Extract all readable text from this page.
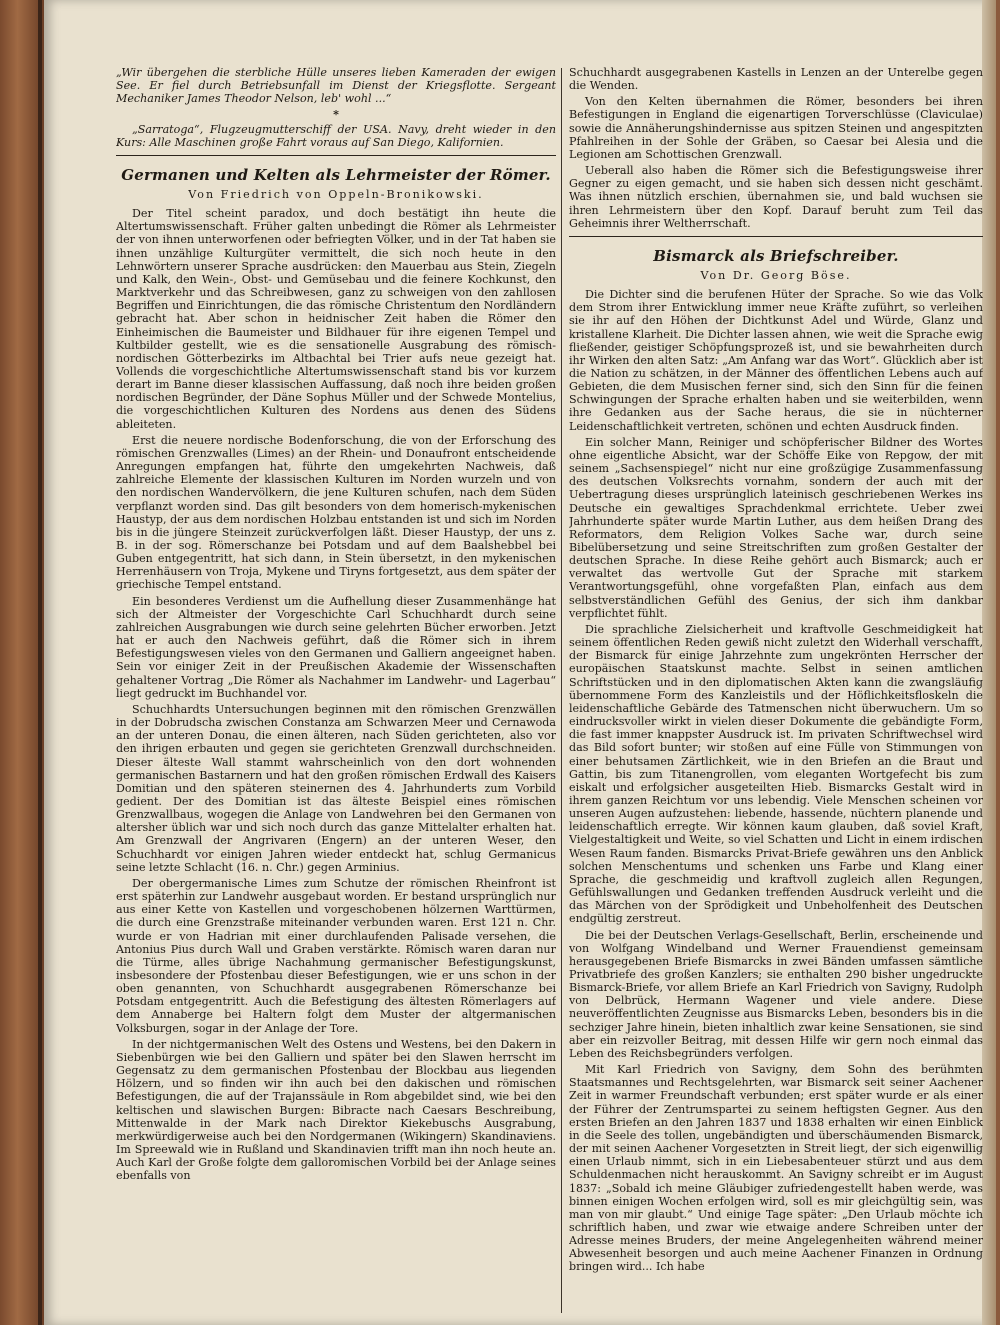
„Wir übergehen die sterbliche Hülle unseres lieben Kameraden der ewigen See. Er fiel durch Betriebsunfall im Dienst der Kriegsflotte. Sergeant Mechaniker James Theodor Nelson, leb' wohl ...“

*

„Sarratoga“, Flugzeugmutterschiff der USA. Navy, dreht wieder in den Kurs: Alle Maschinen große Fahrt voraus auf San Diego, Kalifornien.

Germanen und Kelten als Lehrmeister der Römer.

Von Friedrich von Oppeln-Bronikowski.

Der Titel scheint paradox, und doch bestätigt ihn heute die Altertumswissenschaft. Früher galten unbedingt die Römer als Lehrmeister der von ihnen unterworfenen oder befriegten Völker, und in der Tat haben sie ihnen unzählige Kulturgüter vermittelt, die sich noch heute in den Lehnwörtern unserer Sprache ausdrücken: den Mauerbau aus Stein, Ziegeln und Kalk, den Wein-, Obst- und Gemüsebau und die feinere Kochkunst, den Marktverkehr und das Schreibwesen, ganz zu schweigen von den zahllosen Begriffen und Einrichtungen, die das römische Christentum den Nordländern gebracht hat. Aber schon in heidnischer Zeit haben die Römer den Einheimischen die Baumeister und Bildhauer für ihre eigenen Tempel und Kultbilder gestellt, wie es die sensationelle Ausgrabung des römisch-nordischen Götterbezirks im Altbachtal bei Trier aufs neue gezeigt hat. Vollends die vorgeschichtliche Altertumswissenschaft stand bis vor kurzem derart im Banne dieser klassischen Auffassung, daß noch ihre beiden großen nordischen Begründer, der Däne Sophus Müller und der Schwede Montelius, die vorgeschichtlichen Kulturen des Nordens aus denen des Südens ableiteten.

Erst die neuere nordische Bodenforschung, die von der Erforschung des römischen Grenzwalles (Limes) an der Rhein- und Donaufront entscheidende Anregungen empfangen hat, führte den umgekehrten Nachweis, daß zahlreiche Elemente der klassischen Kulturen im Norden wurzeln und von den nordischen Wandervölkern, die jene Kulturen schufen, nach dem Süden verpflanzt worden sind. Das gilt besonders von dem homerisch-mykenischen Haustyp, der aus dem nordischen Holzbau entstanden ist und sich im Norden bis in die jüngere Steinzeit zurückverfolgen läßt. Dieser Haustyp, der uns z. B. in der sog. Römerschanze bei Potsdam und auf dem Baalshebbel bei Guben entgegentritt, hat sich dann, in Stein übersetzt, in den mykenischen Herrenhäusern von Troja, Mykene und Tiryns fortgesetzt, aus dem später der griechische Tempel entstand.

Ein besonderes Verdienst um die Aufhellung dieser Zusammenhänge hat sich der Altmeister der Vorgeschichte Carl Schuchhardt durch seine zahlreichen Ausgrabungen wie durch seine gelehrten Bücher erworben. Jetzt hat er auch den Nachweis geführt, daß die Römer sich in ihrem Befestigungswesen vieles von den Germanen und Galliern angeeignet haben. Sein vor einiger Zeit in der Preußischen Akademie der Wissenschaften gehaltener Vortrag „Die Römer als Nachahmer im Landwehr- und Lagerbau“ liegt gedruckt im Buchhandel vor.

Schuchhardts Untersuchungen beginnen mit den römischen Grenzwällen in der Dobrudscha zwischen Constanza am Schwarzen Meer und Cernawoda an der unteren Donau, die einen älteren, nach Süden gerichteten, also vor den ihrigen erbauten und gegen sie gerichteten Grenzwall durchschneiden. Dieser älteste Wall stammt wahrscheinlich von den dort wohnenden germanischen Bastarnern und hat den großen römischen Erdwall des Kaisers Domitian und den späteren steinernen des 4. Jahrhunderts zum Vorbild gedient. Der des Domitian ist das älteste Beispiel eines römischen Grenzwallbaus, wogegen die Anlage von Landwehren bei den Germanen von altersher üblich war und sich noch durch das ganze Mittelalter erhalten hat. Am Grenzwall der Angrivaren (Engern) an der unteren Weser, den Schuchhardt vor einigen Jahren wieder entdeckt hat, schlug Germanicus seine letzte Schlacht (16. n. Chr.) gegen Arminius.

Der obergermanische Limes zum Schutze der römischen Rheinfront ist erst späterhin zur Landwehr ausgebaut worden. Er bestand ursprünglich nur aus einer Kette von Kastellen und vorgeschobenen hölzernen Warttürmen, die durch eine Grenzstraße miteinander verbunden waren. Erst 121 n. Chr. wurde er von Hadrian mit einer durchlaufenden Palisade versehen, die Antonius Pius durch Wall und Graben verstärkte. Römisch waren daran nur die Türme, alles übrige Nachahmung germanischer Befestigungskunst, insbesondere der Pfostenbau dieser Befestigungen, wie er uns schon in der oben genannten, von Schuchhardt ausgegrabenen Römerschanze bei Potsdam entgegentritt. Auch die Befestigung des ältesten Römerlagers auf dem Annaberge bei Haltern folgt dem Muster der altgermanischen Volksburgen, sogar in der Anlage der Tore.

In der nichtgermanischen Welt des Ostens und Westens, bei den Dakern in Siebenbürgen wie bei den Galliern und später bei den Slawen herrscht im Gegensatz zu dem germanischen Pfostenbau der Blockbau aus liegenden Hölzern, und so finden wir ihn auch bei den dakischen und römischen Befestigungen, die auf der Trajanssäule in Rom abgebildet sind, wie bei den keltischen und slawischen Burgen: Bibracte nach Caesars Beschreibung, Mittenwalde in der Mark nach Direktor Kiekebuschs Ausgrabung, merkwürdigerweise auch bei den Nordgermanen (Wikingern) Skandinaviens. Im Spreewald wie in Rußland und Skandinavien trifft man ihn noch heute an. Auch Karl der Große folgte dem galloromischen Vorbild bei der Anlage seines ebenfalls von

Schuchhardt ausgegrabenen Kastells in Lenzen an der Unterelbe gegen die Wenden.

Von den Kelten übernahmen die Römer, besonders bei ihren Befestigungen in England die eigenartigen Torverschlüsse (Claviculae) sowie die Annäherungshindernisse aus spitzen Steinen und angespitzten Pfahlreihen in der Sohle der Gräben, so Caesar bei Alesia und die Legionen am Schottischen Grenzwall.

Ueberall also haben die Römer sich die Befestigungsweise ihrer Gegner zu eigen gemacht, und sie haben sich dessen nicht geschämt. Was ihnen nützlich erschien, übernahmen sie, und bald wuchsen sie ihren Lehrmeistern über den Kopf. Darauf beruht zum Teil das Geheimnis ihrer Weltherrschaft.

Bismarck als Briefschreiber.

Von Dr. Georg Böse.

Die Dichter sind die berufenen Hüter der Sprache. So wie das Volk dem Strom ihrer Entwicklung immer neue Kräfte zuführt, so verleihen sie ihr auf den Höhen der Dichtkunst Adel und Würde, Glanz und kristallene Klarheit. Die Dichter lassen ahnen, wie weit die Sprache ewig fließender, geistiger Schöpfungsprozeß ist, und sie bewahrheiten durch ihr Wirken den alten Satz: „Am Anfang war das Wort“. Glücklich aber ist die Nation zu schätzen, in der Männer des öffentlichen Lebens auch auf Gebieten, die dem Musischen ferner sind, sich den Sinn für die feinen Schwingungen der Sprache erhalten haben und sie weiterbilden, wenn ihre Gedanken aus der Sache heraus, die sie in nüchterner Leidenschaftlichkeit vertreten, schönen und echten Ausdruck finden.

Ein solcher Mann, Reiniger und schöpferischer Bildner des Wortes ohne eigentliche Absicht, war der Schöffe Eike von Repgow, der mit seinem „Sachsenspiegel“ nicht nur eine großzügige Zusammenfassung des deutschen Volksrechts vornahm, sondern der auch mit der Uebertragung dieses ursprünglich lateinisch geschriebenen Werkes ins Deutsche ein gewaltiges Sprachdenkmal errichtete. Ueber zwei Jahrhunderte später wurde Martin Luther, aus dem heißen Drang des Reformators, dem Religion Volkes Sache war, durch seine Bibelübersetzung und seine Streitschriften zum großen Gestalter der deutschen Sprache. In diese Reihe gehört auch Bismarck; auch er verwaltet das wertvolle Gut der Sprache mit starkem Verantwortungsgefühl, ohne vorgefaßten Plan, einfach aus dem selbstverständlichen Gefühl des Genius, der sich ihm dankbar verpflichtet fühlt.

Die sprachliche Zielsicherheit und kraftvolle Geschmeidigkeit hat seinem öffentlichen Reden gewiß nicht zuletzt den Widerhall verschafft, der Bismarck für einige Jahrzehnte zum ungekrönten Herrscher der europäischen Staatskunst machte. Selbst in seinen amtlichen Schriftstücken und in den diplomatischen Akten kann die zwangsläufig übernommene Form des Kanzleistils und der Höflichkeitsfloskeln die leidenschaftliche Gebärde des Tatmenschen nicht überwuchern. Um so eindrucksvoller wirkt in vielen dieser Dokumente die gebändigte Form, die fast immer knappster Ausdruck ist. Im privaten Schriftwechsel wird das Bild sofort bunter; wir stoßen auf eine Fülle von Stimmungen von einer behutsamen Zärtlichkeit, wie in den Briefen an die Braut und Gattin, bis zum Titanengrollen, vom eleganten Wortgefecht bis zum eiskalt und erfolgsicher ausgeteilten Hieb. Bismarcks Gestalt wird in ihrem ganzen Reichtum vor uns lebendig. Viele Menschen scheinen vor unseren Augen aufzustehen: liebende, hassende, nüchtern planende und leidenschaftlich erregte. Wir können kaum glauben, daß soviel Kraft, Vielgestaltigkeit und Weite, so viel Schatten und Licht in einem irdischen Wesen Raum fanden. Bismarcks Privat-Briefe gewähren uns den Anblick solchen Menschentums und schenken uns Farbe und Klang einer Sprache, die geschmeidig und kraftvoll zugleich allen Regungen, Gefühlswallungen und Gedanken treffenden Ausdruck verleiht und die das Märchen von der Sprödigkeit und Unbeholfenheit des Deutschen endgültig zerstreut.

Die bei der Deutschen Verlags-Gesellschaft, Berlin, erscheinende und von Wolfgang Windelband und Werner Frauendienst gemeinsam herausgegebenen Briefe Bismarcks in zwei Bänden umfassen sämtliche Privatbriefe des großen Kanzlers; sie enthalten 290 bisher ungedruckte Bismarck-Briefe, vor allem Briefe an Karl Friedrich von Savigny, Rudolph von Delbrück, Hermann Wagener und viele andere. Diese neuveröffentlichten Zeugnisse aus Bismarcks Leben, besonders bis in die sechziger Jahre hinein, bieten inhaltlich zwar keine Sensationen, sie sind aber ein reizvoller Beitrag, mit dessen Hilfe wir gern noch einmal das Leben des Reichsbegründers verfolgen.

Mit Karl Friedrich von Savigny, dem Sohn des berühmten Staatsmannes und Rechtsgelehrten, war Bismarck seit seiner Aachener Zeit in warmer Freundschaft verbunden; erst später wurde er als einer der Führer der Zentrumspartei zu seinem heftigsten Gegner. Aus den ersten Briefen an den Jahren 1837 und 1838 erhalten wir einen Einblick in die Seele des tollen, ungebändigten und überschäumenden Bismarck, der mit seinen Aachener Vorgesetzten in Streit liegt, der sich eigenwillig einen Urlaub nimmt, sich in ein Liebesabenteuer stürzt und aus dem Schuldenmachen nicht herauskommt. An Savigny schreibt er im August 1837: „Sobald ich meine Gläubiger zufriedengestellt haben werde, was binnen einigen Wochen erfolgen wird, soll es mir gleichgültig sein, was man von mir glaubt.“ Und einige Tage später: „Den Urlaub möchte ich schriftlich haben, und zwar wie etwaige andere Schreiben unter der Adresse meines Bruders, der meine Angelegenheiten während meiner Abwesenheit besorgen und auch meine Aachener Finanzen in Ordnung bringen wird... Ich habe
